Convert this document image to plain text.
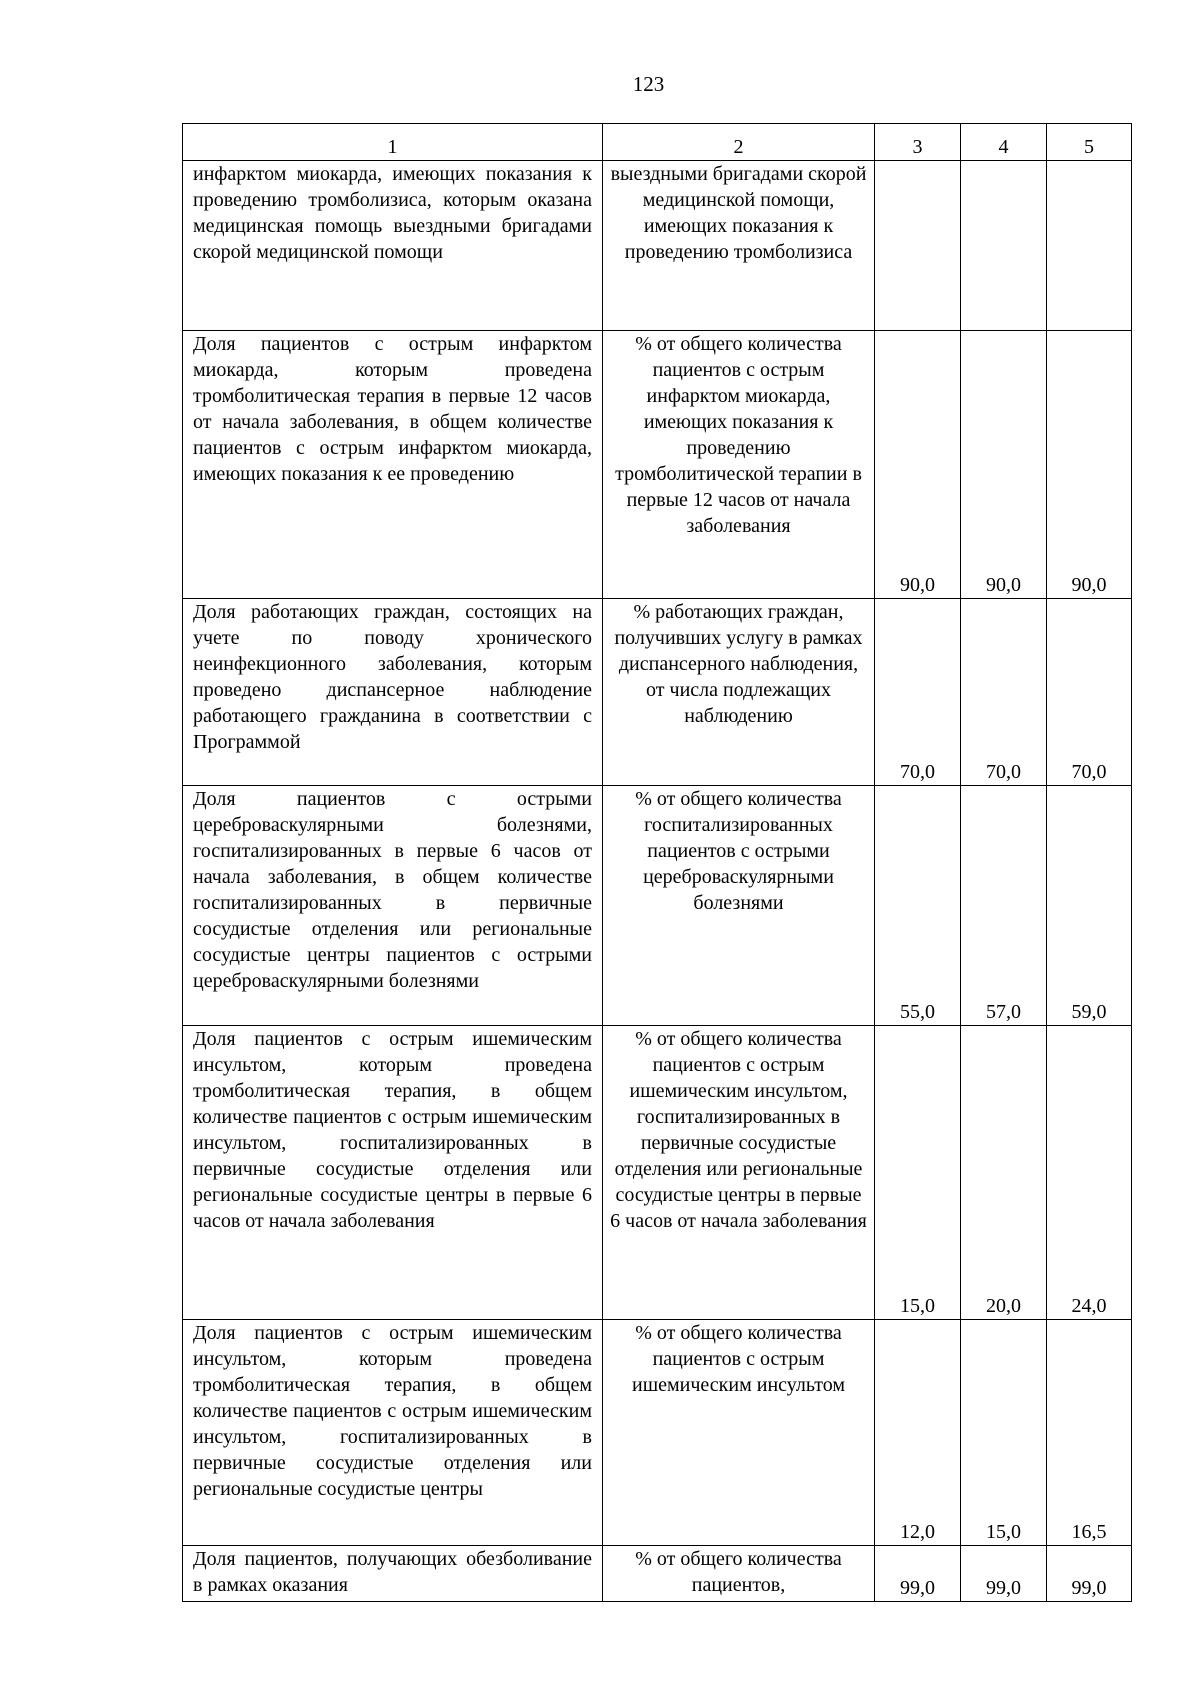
123
1	2	3	4	5
инфарктом миокарда, имеющих показания к проведению тромболизиса, которым оказана медицинская помощь выездными бригадами скорой медицинской помощи	выездными бригадами скорой медицинской помощи, имеющих показания к проведению тромболизиса			
Доля пациентов с острым инфарктом миокарда, которым проведена тромболитическая терапия в первые 12 часов от начала заболевания, в общем количестве пациентов с острым инфарктом миокарда, имеющих показания к ее проведению	% от общего количества пациентов с острым инфарктом миокарда, имеющих показания к проведению тромболитической терапии в первые 12 часов от начала заболевания	90,0	90,0	90,0
Доля работающих граждан, состоящих на учете по поводу хронического неинфекционного заболевания, которым проведено диспансерное наблюдение работающего гражданина в соответствии с Программой	% работающих граждан, получивших услугу в рамках диспансерного наблюдения, от числа подлежащих наблюдению	70,0	70,0	70,0
Доля пациентов с острыми цереброваскулярными болезнями, госпитализированных в первые 6 часов от начала заболевания, в общем количестве госпитализированных в первичные сосудистые отделения или региональные сосудистые центры пациентов с острыми цереброваскулярными болезнями	% от общего количества госпитализированных пациентов с острыми цереброваскулярными болезнями	55,0	57,0	59,0
Доля пациентов с острым ишемическим инсультом, которым проведена тромболитическая терапия, в общем количестве пациентов с острым ишемическим инсультом, госпитализированных в первичные сосудистые отделения или региональные сосудистые центры в первые 6 часов от начала заболевания	% от общего количества пациентов с острым ишемическим инсультом, госпитализированных в первичные сосудистые отделения или региональные сосудистые центры в первые 6 часов от начала заболевания	15,0	20,0	24,0
Доля пациентов с острым ишемическим инсультом, которым проведена тромболитическая терапия, в общем количестве пациентов с острым ишемическим инсультом, госпитализированных в первичные сосудистые отделения или региональные сосудистые центры	% от общего количества пациентов с острым ишемическим инсультом	12,0	15,0	16,5
Доля пациентов, получающих обезболивание в рамках оказания	% от общего количества пациентов,	99,0	99,0	99,0
